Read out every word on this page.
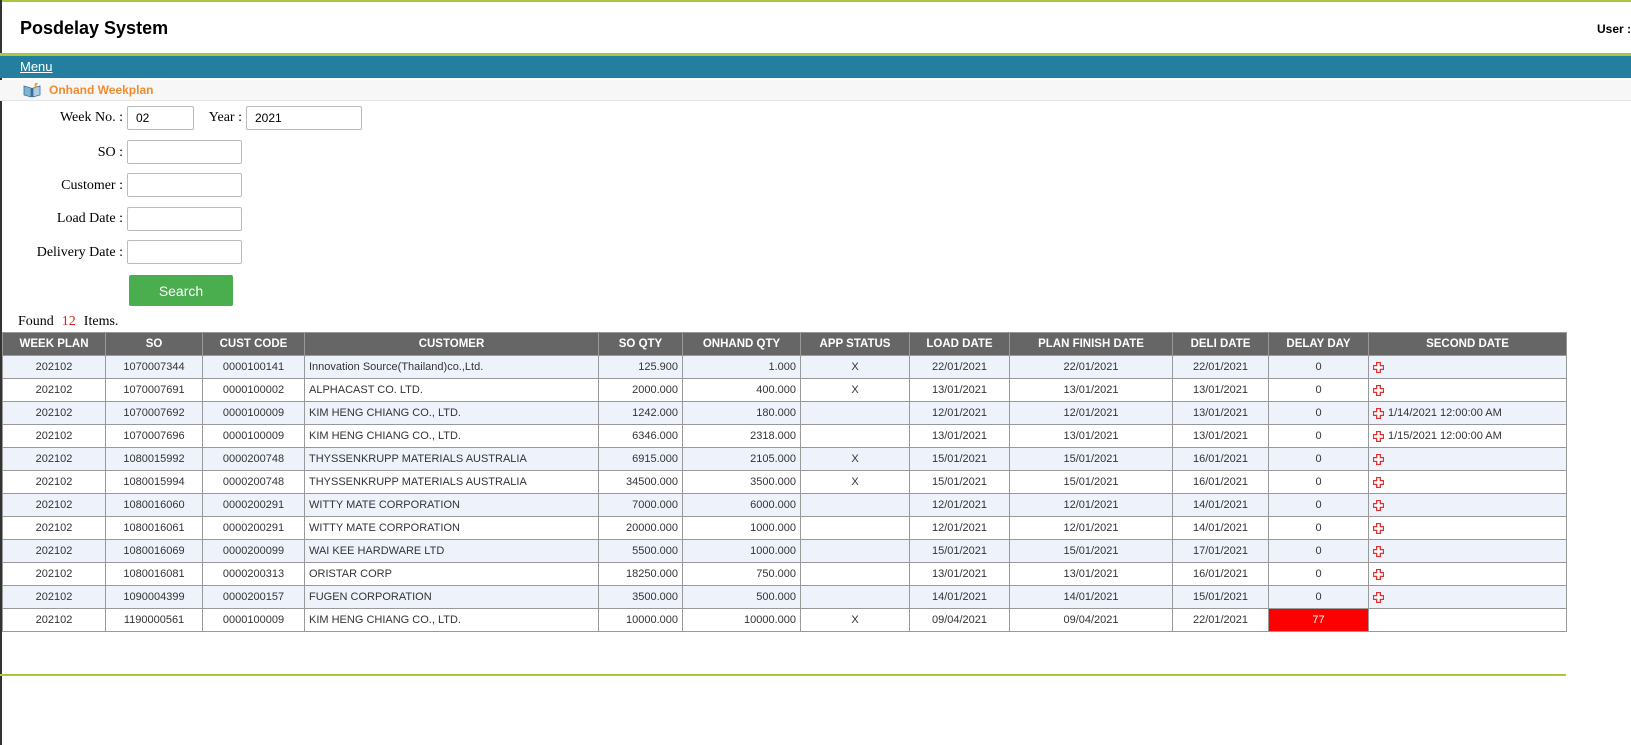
Posdelay System	User :
Menu
Onhand Weekplan
Week No. :	02	Year :	2021
SO :
Customer :
Load Date :
Delivery Date :
Search
Found 12 Items.
WEEK PLAN	SO	CUST CODE	CUSTOMER	SO QTY	ONHAND QTY	APP STATUS	LOAD DATE	PLAN FINISH DATE	DELI DATE	DELAY DAY	SECOND DATE
202102	1070007344	0000100141	Innovation Source(Thailand)co.,Ltd.	125.900	1.000	X	22/01/2021	22/01/2021	22/01/2021	0	
202102	1070007691	0000100002	ALPHACAST CO. LTD.	2000.000	400.000	X	13/01/2021	13/01/2021	13/01/2021	0	
202102	1070007692	0000100009	KIM HENG CHIANG CO., LTD.	1242.000	180.000		12/01/2021	12/01/2021	13/01/2021	0	1/14/2021 12:00:00 AM
202102	1070007696	0000100009	KIM HENG CHIANG CO., LTD.	6346.000	2318.000		13/01/2021	13/01/2021	13/01/2021	0	1/15/2021 12:00:00 AM
202102	1080015992	0000200748	THYSSENKRUPP MATERIALS AUSTRALIA	6915.000	2105.000	X	15/01/2021	15/01/2021	16/01/2021	0	
202102	1080015994	0000200748	THYSSENKRUPP MATERIALS AUSTRALIA	34500.000	3500.000	X	15/01/2021	15/01/2021	16/01/2021	0	
202102	1080016060	0000200291	WITTY MATE CORPORATION	7000.000	6000.000		12/01/2021	12/01/2021	14/01/2021	0	
202102	1080016061	0000200291	WITTY MATE CORPORATION	20000.000	1000.000		12/01/2021	12/01/2021	14/01/2021	0	
202102	1080016069	0000200099	WAI KEE HARDWARE LTD	5500.000	1000.000		15/01/2021	15/01/2021	17/01/2021	0	
202102	1080016081	0000200313	ORISTAR CORP	18250.000	750.000		13/01/2021	13/01/2021	16/01/2021	0	
202102	1090004399	0000200157	FUGEN CORPORATION	3500.000	500.000		14/01/2021	14/01/2021	15/01/2021	0	
202102	1190000561	0000100009	KIM HENG CHIANG CO., LTD.	10000.000	10000.000	X	09/04/2021	09/04/2021	22/01/2021	77	
